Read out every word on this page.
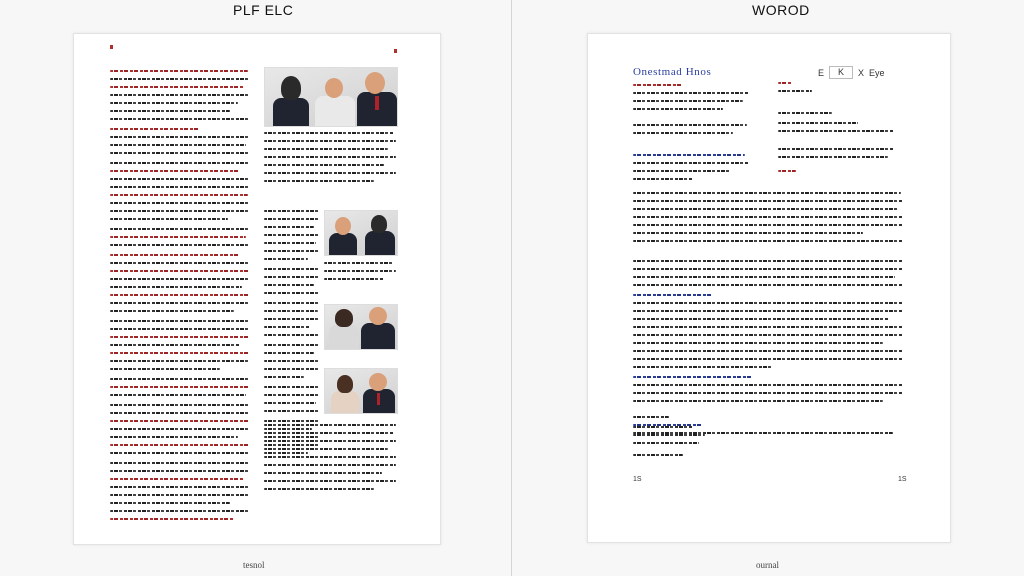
PLF ELC	WOROD
tesnol
Onestmad Hnos	E	K	X Eye
1S	1S
ournal
